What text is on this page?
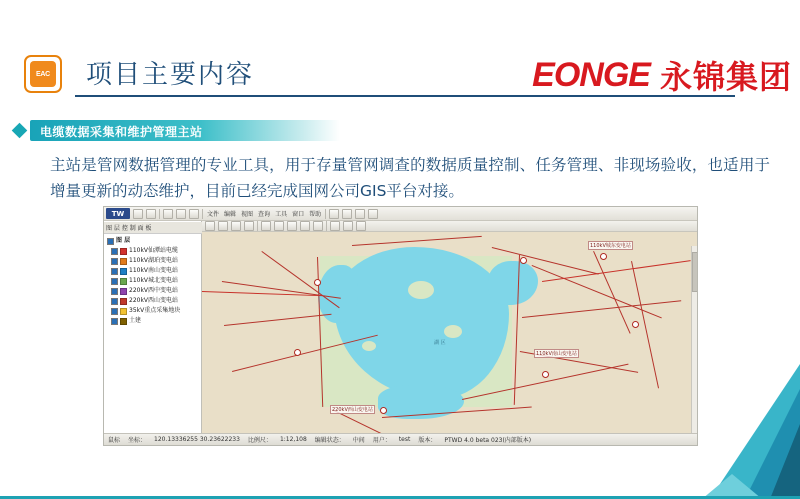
EAC 项目主要内容	EONGE 永锦集团
电缆数据采集和维护管理主站
主站是管网数据管理的专业工具，用于存量管网调查的数据质量控制、任务管理、非现场验收，也适用于增量更新的动态维护，目前已经完成国网公司GIS平台对接。
TW	文件 编辑 视图 查询 工具 窗口 帮助
图 层 控 制 面 板
图 层
110kV仙潭站电缆
110kV湖珀变电站
110kV南山变电站
110kV城北变电站
220kV西中变电站
220kV西山变电站
35kV重点采集地块
土建
110kV城东变电站
110kV南山变电站
220kV西山变电站
湖 区
鼠标 坐标： 120.13336255 30.23622233 比例尺： 1:12,108 编辑状态： 中间 用户： test 版本： PTWD 4.0 beta 023(内部版本)
